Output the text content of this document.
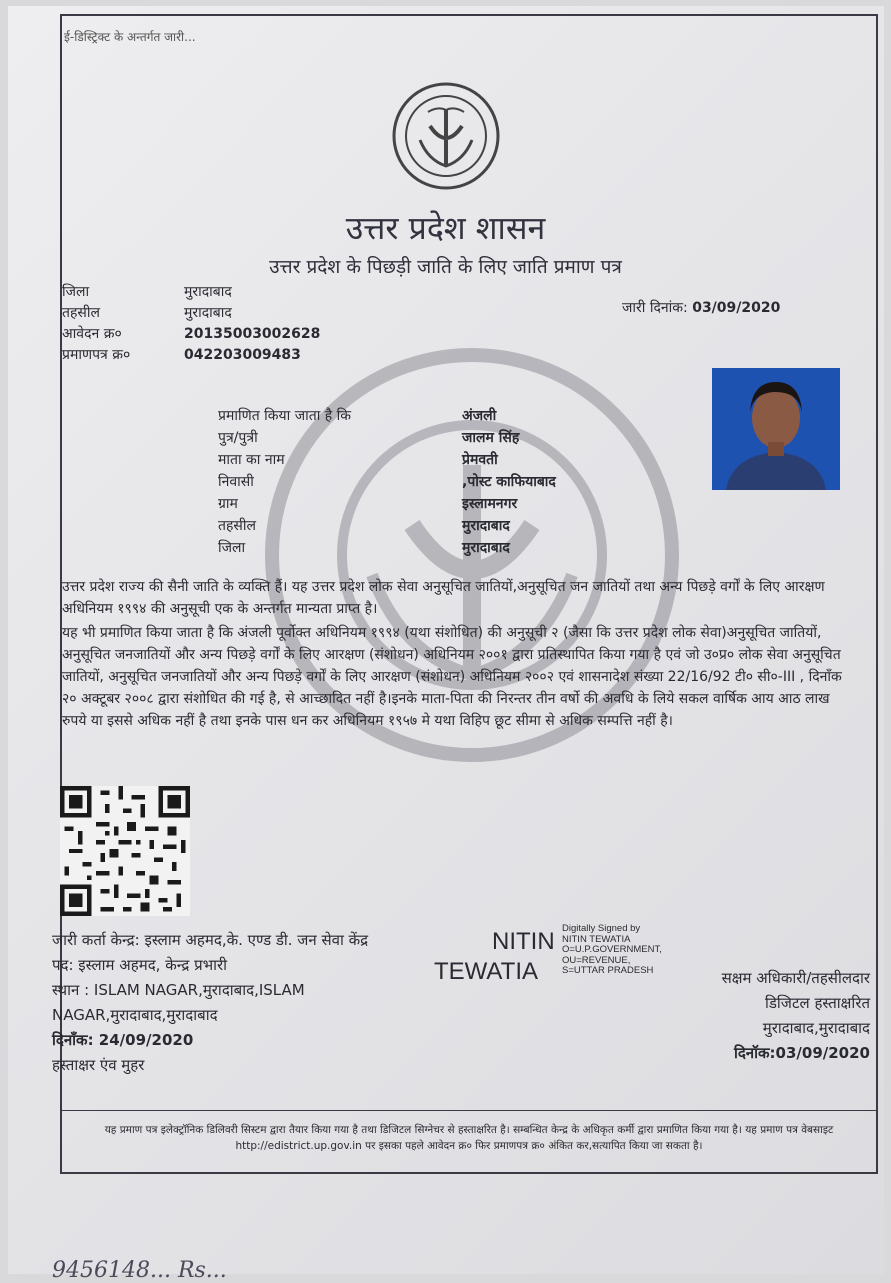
ई-डिस्ट्रिक्ट के अन्तर्गत जारी...
उत्तर प्रदेश शासन
उत्तर प्रदेश के पिछड़ी जाति के लिए जाति प्रमाण पत्र
जिला	मुरादाबाद
तहसील	मुरादाबाद
आवेदन क्र०	20135003002628
प्रमाणपत्र क्र०	042203009483
जारी दिनांक: 03/09/2020
प्रमाणित किया जाता है कि	अंजली
पुत्र/पुत्री	जालम सिंह
माता का नाम	प्रेमवती
निवासी	,पोस्ट काफियाबाद
ग्राम	इस्लामनगर
तहसील	मुरादाबाद
जिला	मुरादाबाद

उत्तर प्रदेश राज्य की सैनी जाति के व्यक्ति हैं। यह उत्तर प्रदेश लोक सेवा अनुसूचित जातियों,अनुसूचित जन जातियों तथा अन्य पिछड़े वर्गों के लिए आरक्षण अधिनियम १९९४ की अनुसूची एक के अन्तर्गत मान्यता प्राप्त है।

यह भी प्रमाणित किया जाता है कि अंजली पूर्वोक्त अधिनियम १९९४ (यथा संशोधित) की अनुसूची २ (जैसा कि उत्तर प्रदेश लोक सेवा)अनुसूचित जातियों, अनुसूचित जनजातियों और अन्य पिछड़े वर्गों के लिए आरक्षण (संशोधन) अधिनियम २००१ द्वारा प्रतिस्थापित किया गया है एवं जो उ०प्र० लोक सेवा अनुसूचित जातियों, अनुसूचित जनजातियों और अन्य पिछड़े वर्गों के लिए आरक्षण (संशोधन) अधिनियम २००२ एवं शासनादेश संख्या 22/16/92 टी० सी०-III , दिनाँक २० अक्टूबर २००८ द्वारा संशोधित की गई है, से आच्छादित नहीं है।इनके माता-पिता की निरन्तर तीन वर्षो की अवधि के लिये सकल वार्षिक आय आठ लाख रुपये या इससे अधिक नहीं है तथा इनके पास धन कर अधिनियम १९५७ मे यथा विहिप छूट सीमा से अधिक सम्पत्ति नहीं है।

जारी कर्ता केन्द्र: इस्लाम अहमद,के. एण्ड डी. जन सेवा केंद्र
पद: इस्लाम अहमद, केन्द्र प्रभारी
स्थान : ISLAM NAGAR,मुरादाबाद,ISLAM NAGAR,मुरादाबाद,मुरादाबाद
दिनाँक: 24/09/2020
हस्ताक्षर एंव मुहर
NITIN
TEWATIA
Digitally Signed by
NITIN TEWATIA
O=U.P.GOVERNMENT,
OU=REVENUE,
S=UTTAR PRADESH	सक्षम अधिकारी/तहसीलदार
डिजिटल हस्ताक्षरित
मुरादाबाद,मुरादाबाद
दिनॉक:03/09/2020
यह प्रमाण पत्र इलेक्ट्रॉनिक डिलिवरी सिस्टम द्वारा तैयार किया गया है तथा डिजिटल सिग्नेचर से हस्ताक्षरित है। सम्बन्धित केन्द्र के अधिकृत कर्मी द्वारा प्रमाणित किया गया है। यह प्रमाण पत्र वेबसाइट http://edistrict.up.gov.in पर इसका पहले आवेदन क्र० फिर प्रमाणपत्र क्र० अंकित कर,सत्यापित किया जा सकता है।
9456148... Rs...
